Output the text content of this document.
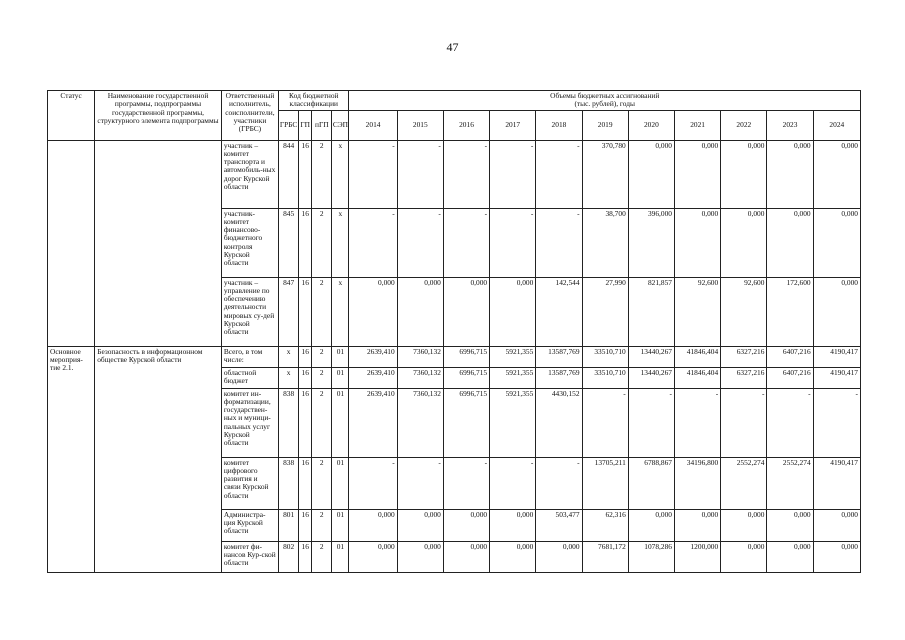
47
Статус	Наименование государственной программы, подпрограммы государственной программы, структурного элемента подпрограммы	Ответственный исполнитель, соисполнители, участники (ГРБС)	Код бюджетной классификации				Объемы бюджетных ассигнований
(тыс. рублей), годы										
			ГРБС	ГП	пГП	СЭП	2014	2015	2016	2017	2018	2019	2020	2021	2022	2023	2024
		участник – комитет транспорта и автомобиль-ных дорог Курской области	844	16	2	х	-	-	-	-	-	370,780	0,000	0,000	0,000	0,000	0,000
		участник-комитет финансово-бюджетного контроля Курской области	845	16	2	х	-	-	-	-	-	38,700	396,000	0,000	0,000	0,000	0,000
		участник – управление по обеспечению деятельности мировых су-дей Курской области	847	16	2	х	0,000	0,000	0,000	0,000	142,544	27,990	821,857	92,600	92,600	172,600	0,000
Основное мероприя-тие 2.1.	Безопасность в информационном обществе Курской области	Всего, в том числе:	х	16	2	01	2639,410	7360,132	6996,715	5921,355	13587,769	33510,710	13440,267	41846,404	6327,216	6407,216	4190,417
		областной бюджет	х	16	2	01	2639,410	7360,132	6996,715	5921,355	13587,769	33510,710	13440,267	41846,404	6327,216	6407,216	4190,417
		комитет ин-форматизации, государствен-ных и муници-пальных услуг Курской области	838	16	2	01	2639,410	7360,132	6996,715	5921,355	4430,152	-	-	-	-	-	-
		комитет цифрового развития и связи Курской области	838	16	2	01	-	-	-	-	-	13705,211	6788,867	34196,800	2552,274	2552,274	4190,417
		Администра-ция Курской области	801	16	2	01	0,000	0,000	0,000	0,000	503,477	62,316	0,000	0,000	0,000	0,000	0,000
		комитет фи-нансов Кур-ской области	802	16	2	01	0,000	0,000	0,000	0,000	0,000	7681,172	1078,286	1200,000	0,000	0,000	0,000
